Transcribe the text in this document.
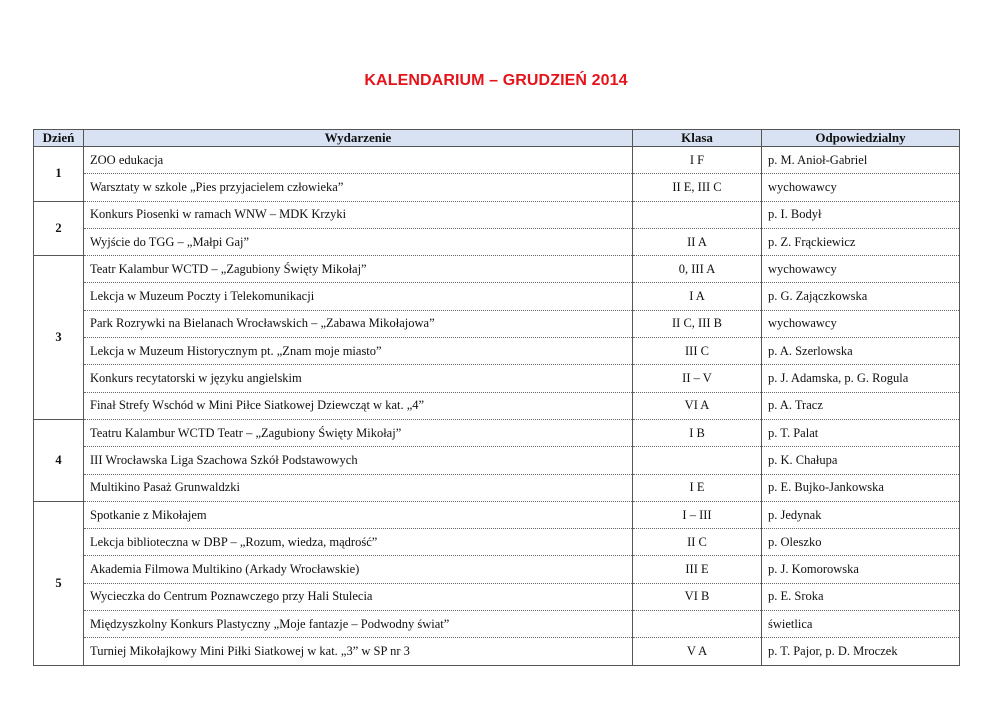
KALENDARIUM – GRUDZIEŃ 2014
Dzień	Wydarzenie	Klasa	Odpowiedzialny
1	ZOO edukacja	I F	p. M. Anioł-Gabriel
	Warsztaty w szkole „Pies przyjacielem człowieka”	II E, III C	wychowawcy
2	Konkurs Piosenki w ramach WNW – MDK Krzyki		p. I. Bodył
	Wyjście do TGG – „Małpi Gaj”	II A	p. Z. Frąckiewicz
3	Teatr Kalambur WCTD – „Zagubiony Święty Mikołaj”	0, III A	wychowawcy
	Lekcja w Muzeum Poczty i Telekomunikacji	I A	p. G. Zajączkowska
	Park Rozrywki na Bielanach Wrocławskich – „Zabawa Mikołajowa”	II C, III B	wychowawcy
	Lekcja w Muzeum Historycznym pt. „Znam moje miasto”	III C	p. A. Szerlowska
	Konkurs recytatorski w języku angielskim	II – V	p. J. Adamska, p. G. Rogula
	Finał Strefy Wschód w Mini Piłce Siatkowej Dziewcząt w kat. „4”	VI A	p. A. Tracz
4	Teatru Kalambur WCTD Teatr – „Zagubiony Święty Mikołaj”	I B	p. T. Palat
	III Wrocławska Liga Szachowa Szkół Podstawowych		p. K. Chałupa
	Multikino Pasaż Grunwaldzki	I E	p. E. Bujko-Jankowska
5	Spotkanie z Mikołajem	I – III	p. Jedynak
	Lekcja biblioteczna w DBP – „Rozum, wiedza, mądrość”	II C	p. Oleszko
	Akademia Filmowa Multikino (Arkady Wrocławskie)	III E	p. J. Komorowska
	Wycieczka do Centrum Poznawczego przy Hali Stulecia	VI B	p. E. Sroka
	Międzyszkolny Konkurs Plastyczny „Moje fantazje – Podwodny świat”		świetlica
	Turniej Mikołajkowy Mini Piłki Siatkowej w kat. „3” w SP nr 3	V A	p. T. Pajor, p. D. Mroczek
